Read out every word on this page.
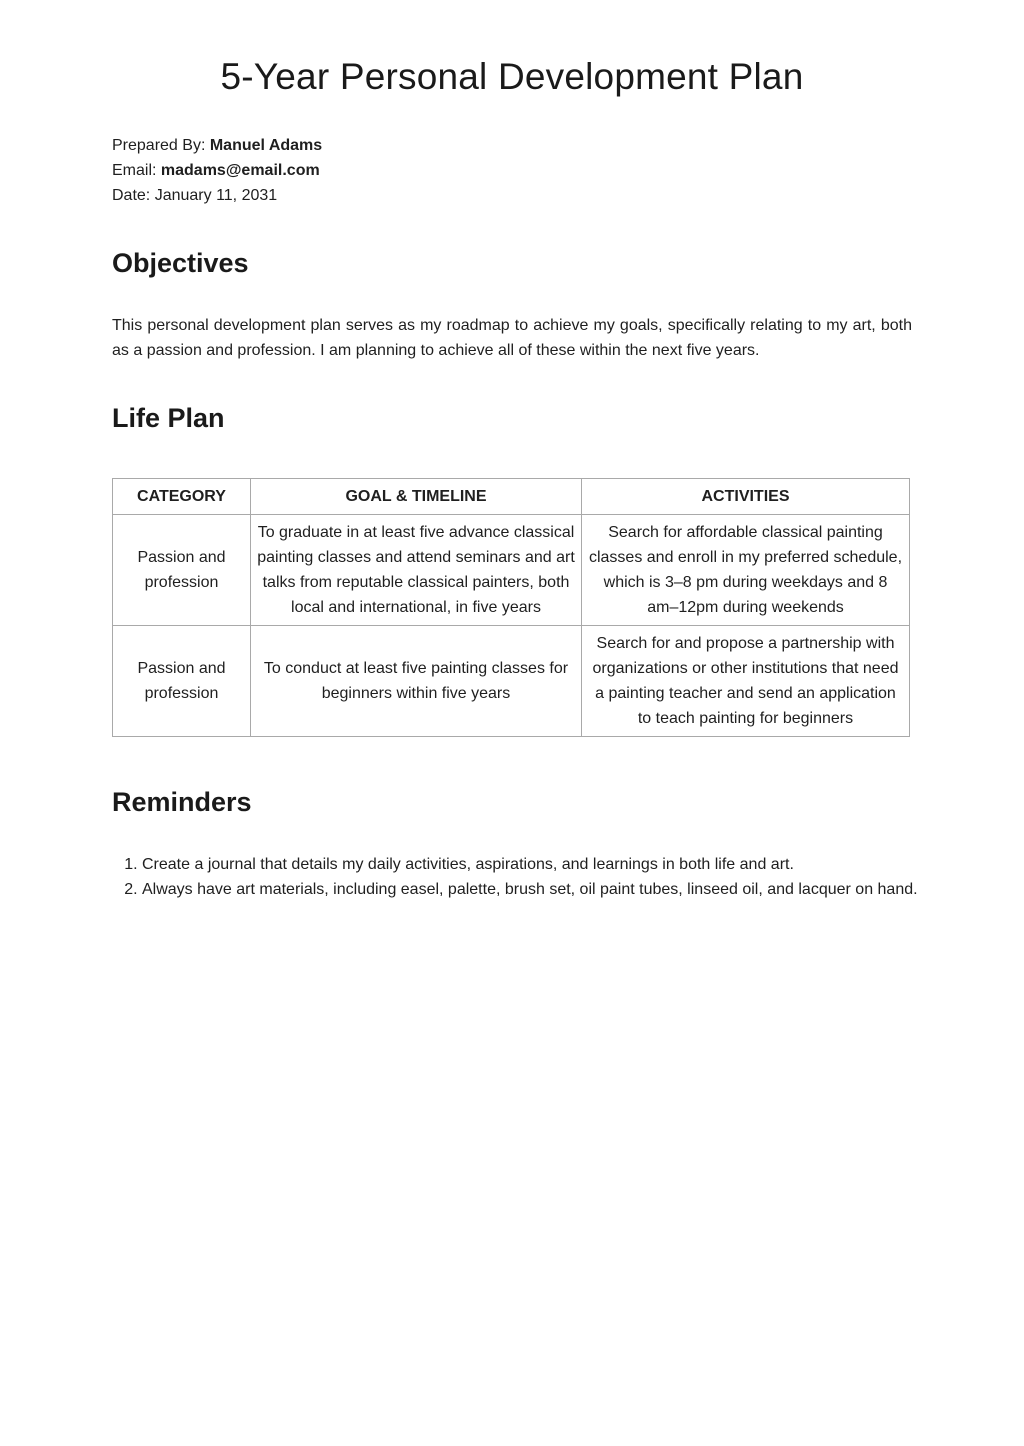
5-Year Personal Development Plan
Prepared By: Manuel Adams
Email: madams@email.com
Date: January 11, 2031
Objectives

This personal development plan serves as my roadmap to achieve my goals, specifically relating to my art, both as a passion and profession. I am planning to achieve all of these within the next five years.

Life Plan
CATEGORY	GOAL & TIMELINE	ACTIVITIES
Passion and profession	To graduate in at least five advance classical painting classes and attend seminars and art talks from reputable classical painters, both local and international, in five years	Search for affordable classical painting classes and enroll in my preferred schedule, which is 3–8 pm during weekdays and 8 am–12pm during weekends
Passion and profession	To conduct at least five painting classes for beginners within five years	Search for and propose a partnership with organizations or other institutions that need a painting teacher and send an application to teach painting for beginners
Reminders
1. Create a journal that details my daily activities, aspirations, and learnings in both life and art.
2. Always have art materials, including easel, palette, brush set, oil paint tubes, linseed oil, and lacquer on hand.
